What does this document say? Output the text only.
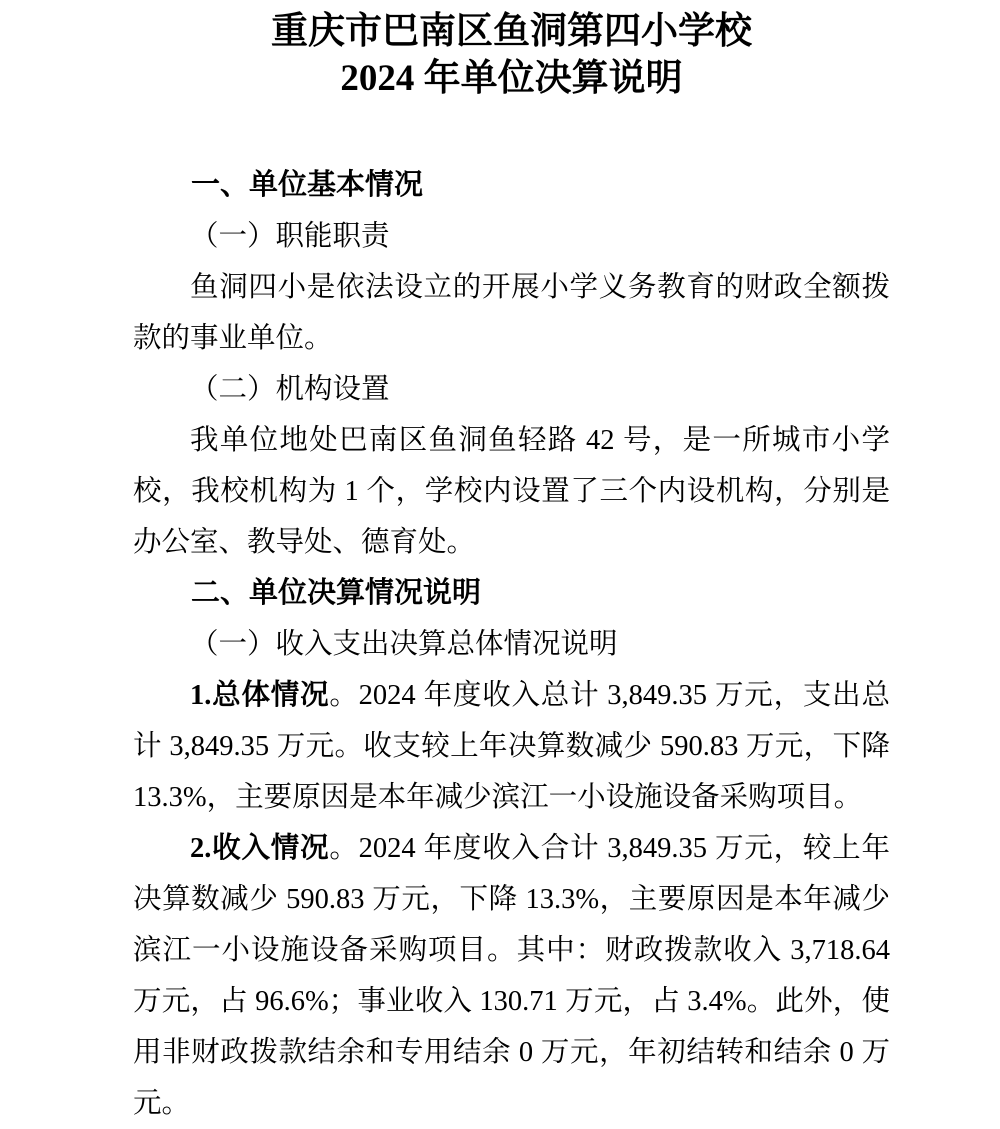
重庆市巴南区鱼洞第四小学校
2024 年单位决算说明

一、单位基本情况

（一）职能职责

鱼洞四小是依法设立的开展小学义务教育的财政全额拨款的事业单位。

（二）机构设置

我单位地处巴南区鱼洞鱼轻路 42 号，是一所城市小学校，我校机构为 1 个，学校内设置了三个内设机构，分别是办公室、教导处、德育处。

二、单位决算情况说明

（一）收入支出决算总体情况说明

1.总体情况。2024 年度收入总计 3,849.35 万元，支出总计 3,849.35 万元。收支较上年决算数减少 590.83 万元，下降 13.3%，主要原因是本年减少滨江一小设施设备采购项目。

2.收入情况。2024 年度收入合计 3,849.35 万元，较上年决算数减少 590.83 万元，下降 13.3%，主要原因是本年减少滨江一小设施设备采购项目。其中：财政拨款收入 3,718.64 万元，占 96.6%；事业收入 130.71 万元，占 3.4%。此外，使用非财政拨款结余和专用结余 0 万元，年初结转和结余 0 万元。
